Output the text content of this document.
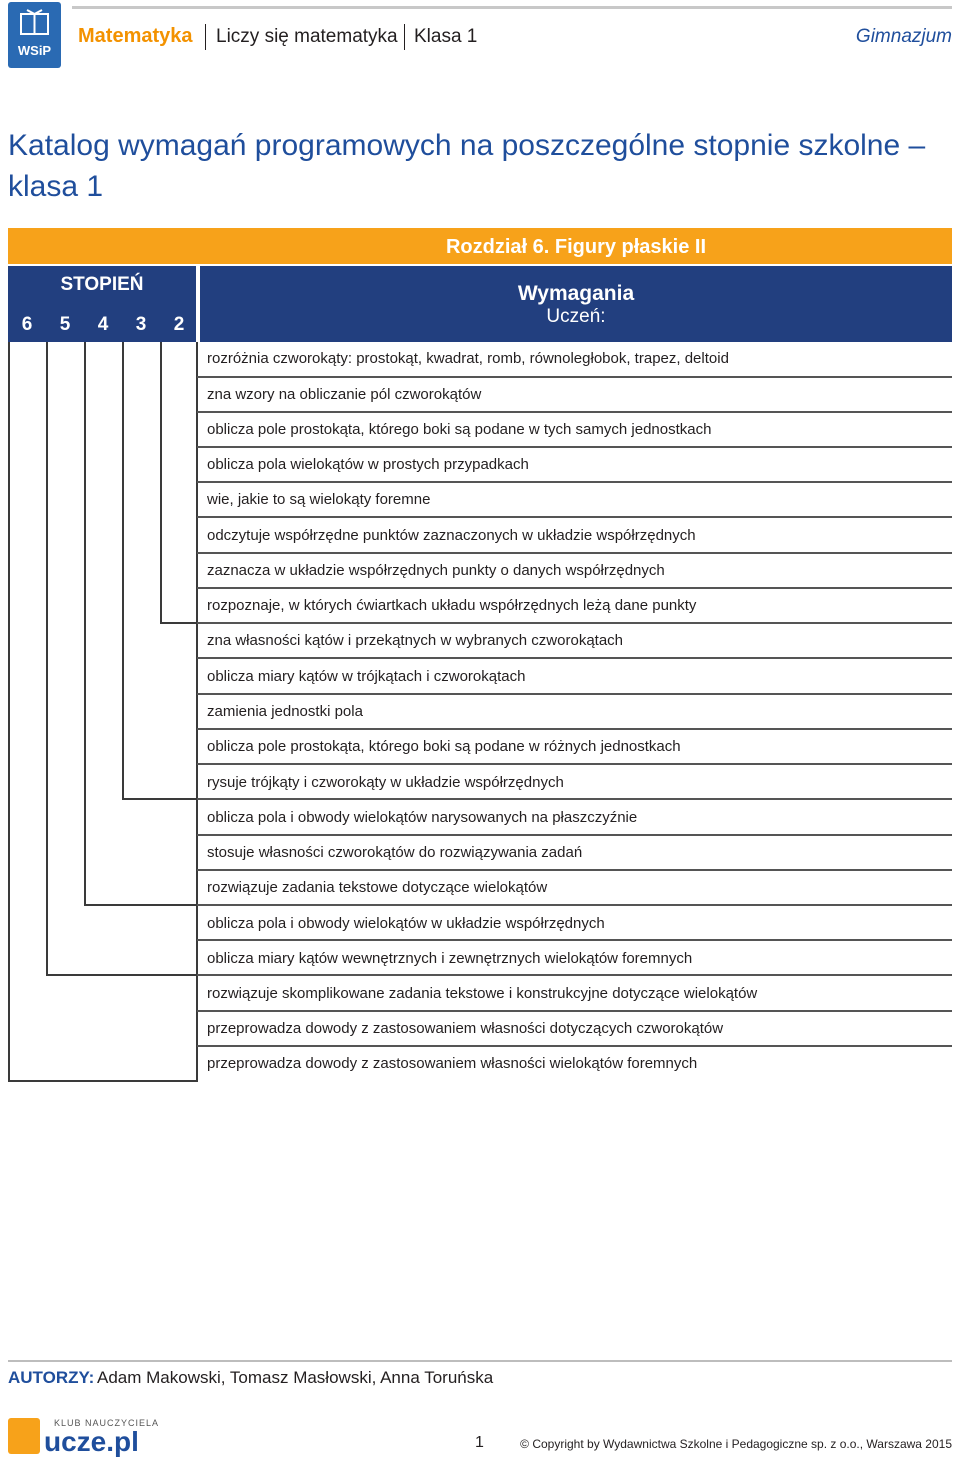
WSiP
Matematyka Liczy się matematyka Klasa 1	Gimnazjum
Katalog wymagań programowych na poszczególne stopnie szkolne – klasa 1
Rozdział 6. Figury płaskie II
STOPIEŃ
6	5	4	3	2
Wymagania
Uczeń:
rozróżnia czworokąty: prostokąt, kwadrat, romb, równoległobok, trapez, deltoid
zna wzory na obliczanie pól czworokątów
oblicza pole prostokąta, którego boki są podane w tych samych jednostkach
oblicza pola wielokątów w prostych przypadkach
wie, jakie to są wielokąty foremne
odczytuje współrzędne punktów zaznaczonych w układzie współrzędnych
zaznacza w układzie współrzędnych punkty o danych współrzędnych
rozpoznaje, w których ćwiartkach układu współrzędnych leżą dane punkty
zna własności kątów i przekątnych w wybranych czworokątach
oblicza miary kątów w trójkątach i czworokątach
zamienia jednostki pola
oblicza pole prostokąta, którego boki są podane w różnych jednostkach
rysuje trójkąty i czworokąty w układzie współrzędnych
oblicza pola i obwody wielokątów narysowanych na płaszczyźnie
stosuje własności czworokątów do rozwiązywania zadań
rozwiązuje zadania tekstowe dotyczące wielokątów
oblicza pola i obwody wielokątów w układzie współrzędnych
oblicza miary kątów wewnętrznych i zewnętrznych wielokątów foremnych
rozwiązuje skomplikowane zadania tekstowe i konstrukcyjne dotyczące wielokątów
przeprowadza dowody z zastosowaniem własności dotyczących czworokątów
przeprowadza dowody z zastosowaniem własności wielokątów foremnych
AUTORZY: Adam Makowski, Tomasz Masłowski, Anna Toruńska
KLUB NAUCZYCIELA
ucze.pl	1	© Copyright by Wydawnictwa Szkolne i Pedagogiczne sp. z o.o., Warszawa 2015
